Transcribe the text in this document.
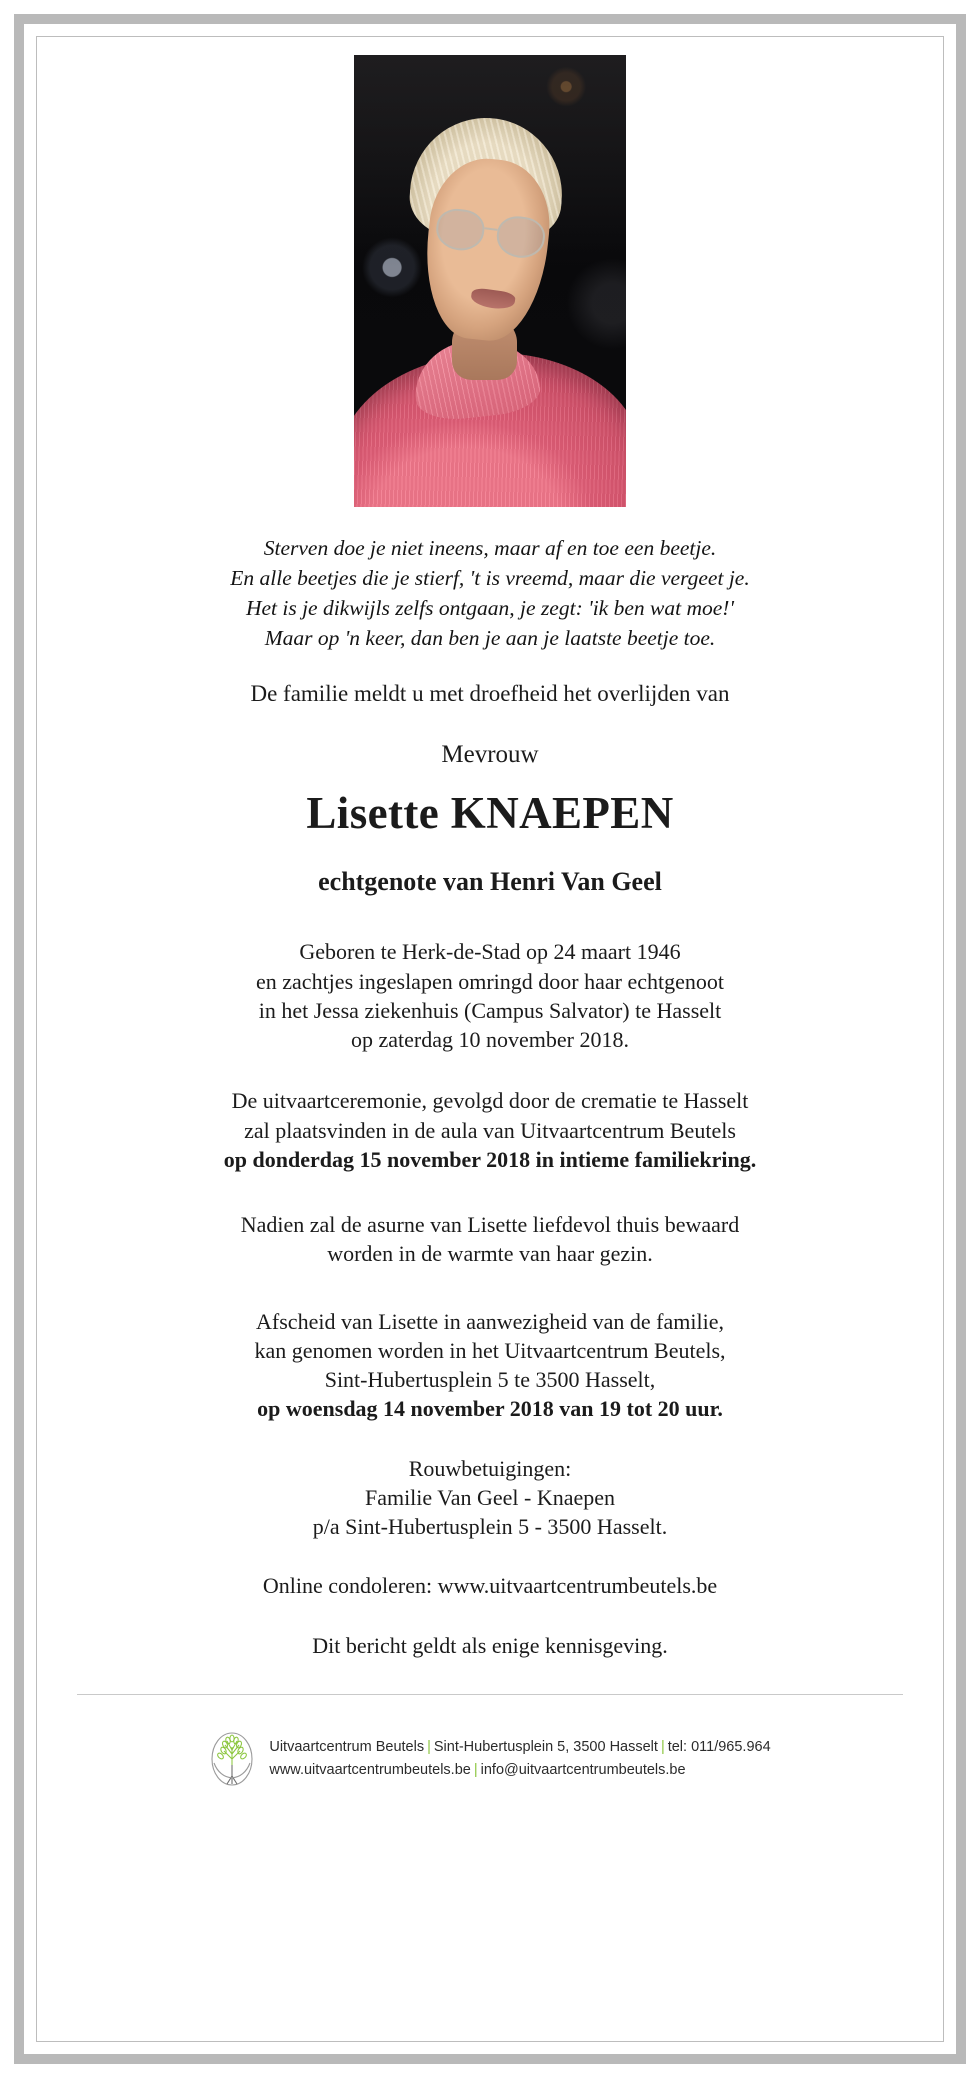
Sterven doe je niet ineens, maar af en toe een beetje.
En alle beetjes die je stierf, 't is vreemd, maar die vergeet je.
Het is je dikwijls zelfs ontgaan, je zegt: 'ik ben wat moe!'
Maar op 'n keer, dan ben je aan je laatste beetje toe.
De familie meldt u met droefheid het overlijden van
Mevrouw
Lisette KNAEPEN
echtgenote van Henri Van Geel
Geboren te Herk-de-Stad op 24 maart 1946
en zachtjes ingeslapen omringd door haar echtgenoot
in het Jessa ziekenhuis (Campus Salvator) te Hasselt
op zaterdag 10 november 2018.
De uitvaartceremonie, gevolgd door de crematie te Hasselt
zal plaatsvinden in de aula van Uitvaartcentrum Beutels
op donderdag 15 november 2018 in intieme familiekring.
Nadien zal de asurne van Lisette liefdevol thuis bewaard
worden in de warmte van haar gezin.
Afscheid van Lisette in aanwezigheid van de familie,
kan genomen worden in het Uitvaartcentrum Beutels,
Sint-Hubertusplein 5 te 3500 Hasselt,
op woensdag 14 november 2018 van 19 tot 20 uur.
Rouwbetuigingen:
Familie Van Geel - Knaepen
p/a Sint-Hubertusplein 5 - 3500 Hasselt.
Online condoleren: www.uitvaartcentrumbeutels.be
Dit bericht geldt als enige kennisgeving.
Uitvaartcentrum Beutels | Sint-Hubertusplein 5, 3500 Hasselt | tel: 011/965.964
www.uitvaartcentrumbeutels.be | info@uitvaartcentrumbeutels.be
